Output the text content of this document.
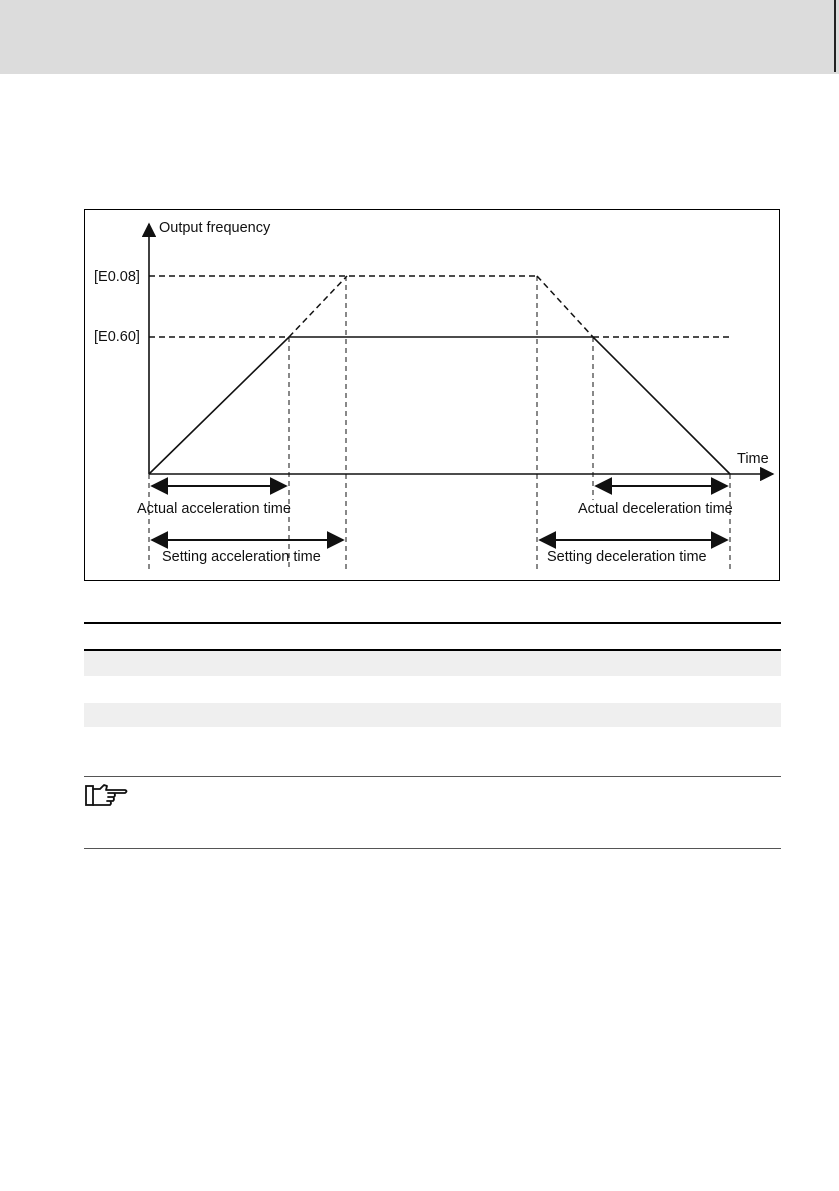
Output frequency
Time
[E0.08]
[E0.60]
Actual acceleration time	Actual deceleration time
Setting acceleration time	Setting deceleration time
